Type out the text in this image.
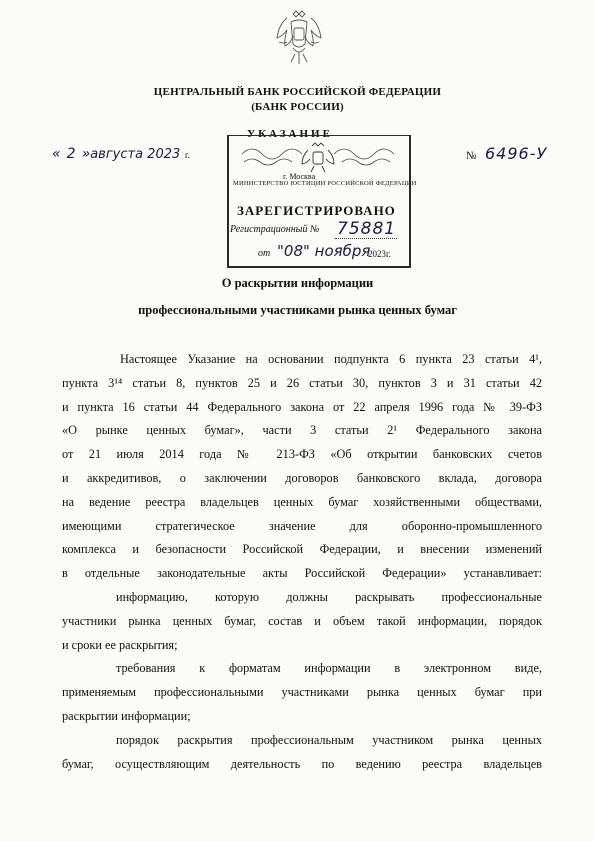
ЦЕНТРАЛЬНЫЙ БАНК РОССИЙСКОЙ ФЕДЕРАЦИИ
(БАНК РОССИИ)
УКАЗАНИЕ
« 2 »августа 2023 г.	№ 6496-У
г. Москва
МИНИСТЕРСТВО ЮСТИЦИИ РОССИЙСКОЙ ФЕДЕРАЦИИ
ЗАРЕГИСТРИРОВАНО
Регистрационный № 75881
от "08" ноября
2023г.
О раскрытии информации
профессиональными участниками рынка ценных бумаг
Настоящее Указание на основании подпункта 6 пункта 23 статьи 4¹,
пункта 3¹⁴ статьи 8, пунктов 25 и 26 статьи 30, пунктов 3 и 31 статьи 42
и пункта 16 статьи 44 Федерального закона от 22 апреля 1996 года № 39-ФЗ
«О рынке ценных бумаг», части 3 статьи 2¹ Федерального закона
от 21 июля 2014 года № 213-ФЗ «Об открытии банковских счетов
и аккредитивов, о заключении договоров банковского вклада, договора
на ведение реестра владельцев ценных бумаг хозяйственными обществами,
имеющими стратегическое значение для оборонно-промышленного
комплекса и безопасности Российской Федерации, и внесении изменений
в отдельные законодательные акты Российской Федерации» устанавливает:
информацию, которую должны раскрывать профессиональные
участники рынка ценных бумаг, состав и объем такой информации, порядок
и сроки ее раскрытия;
требования к форматам информации в электронном виде,
применяемым профессиональными участниками рынка ценных бумаг при
раскрытии информации;
порядок раскрытия профессиональным участником рынка ценных
бумаг, осуществляющим деятельность по ведению реестра владельцев
